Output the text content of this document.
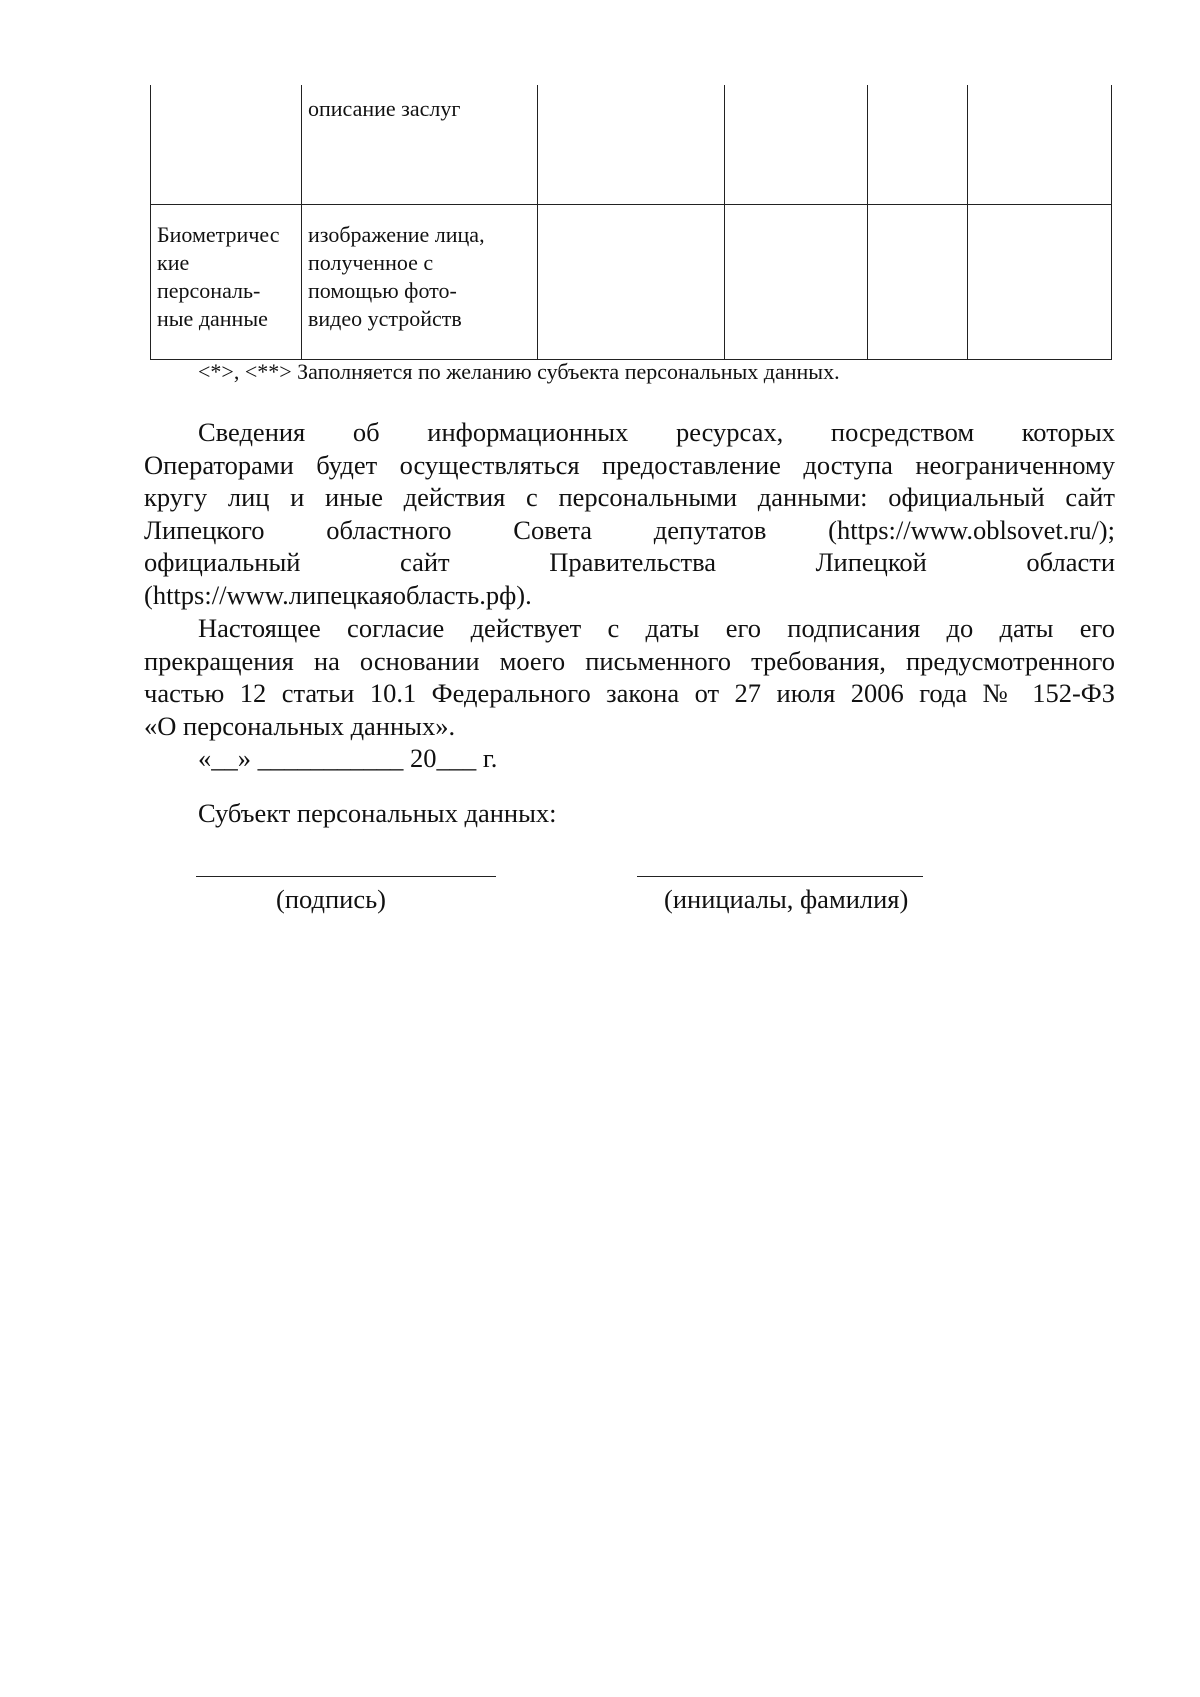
	описание заслуг				
Биометричес
кие
персональ-
ные данные	изображение лица,
полученное с
помощью фото-
видео устройств				
<*>, <**> Заполняется по желанию субъекта персональных данных.
Сведения об информационных ресурсах, посредством которых
Операторами будет осуществляться предоставление доступа неограниченному
кругу лиц и иные действия с персональными данными: официальный сайт
Липецкого областного Совета депутатов (https://www.oblsovet.ru/);
официальный сайт Правительства Липецкой области
(https://www.липецкаяобласть.рф).
Настоящее согласие действует с даты его подписания до даты его
прекращения на основании моего письменного требования, предусмотренного
частью 12 статьи 10.1 Федерального закона от 27 июля 2006 года № 152-ФЗ
«О персональных данных».
«__» ___________ 20___ г.
Субъект персональных данных:
(подпись)	(инициалы, фамилия)
